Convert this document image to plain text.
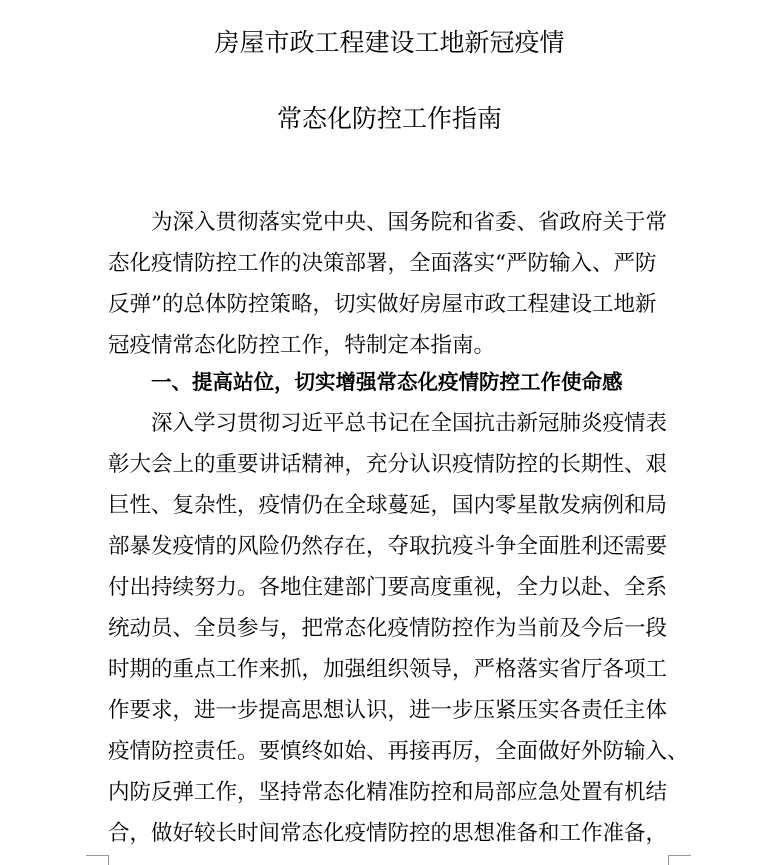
房屋市政工程建设工地新冠疫情
常态化防控工作指南

为深入贯彻落实党中央、国务院和省委、省政府关于常
态化疫情防控工作的决策部署，全面落实“严防输入、严防
反弹”的总体防控策略，切实做好房屋市政工程建设工地新
冠疫情常态化防控工作，特制定本指南。

一、提高站位，切实增强常态化疫情防控工作使命感

深入学习贯彻习近平总书记在全国抗击新冠肺炎疫情表
彰大会上的重要讲话精神，充分认识疫情防控的长期性、艰
巨性、复杂性，疫情仍在全球蔓延，国内零星散发病例和局
部暴发疫情的风险仍然存在，夺取抗疫斗争全面胜利还需要
付出持续努力。各地住建部门要高度重视，全力以赴、全系
统动员、全员参与，把常态化疫情防控作为当前及今后一段
时期的重点工作来抓，加强组织领导，严格落实省厅各项工
作要求，进一步提高思想认识，进一步压紧压实各责任主体
疫情防控责任。要慎终如始、再接再厉，全面做好外防输入、
内防反弹工作，坚持常态化精准防控和局部应急处置有机结
合，做好较长时间常态化疫情防控的思想准备和工作准备，
